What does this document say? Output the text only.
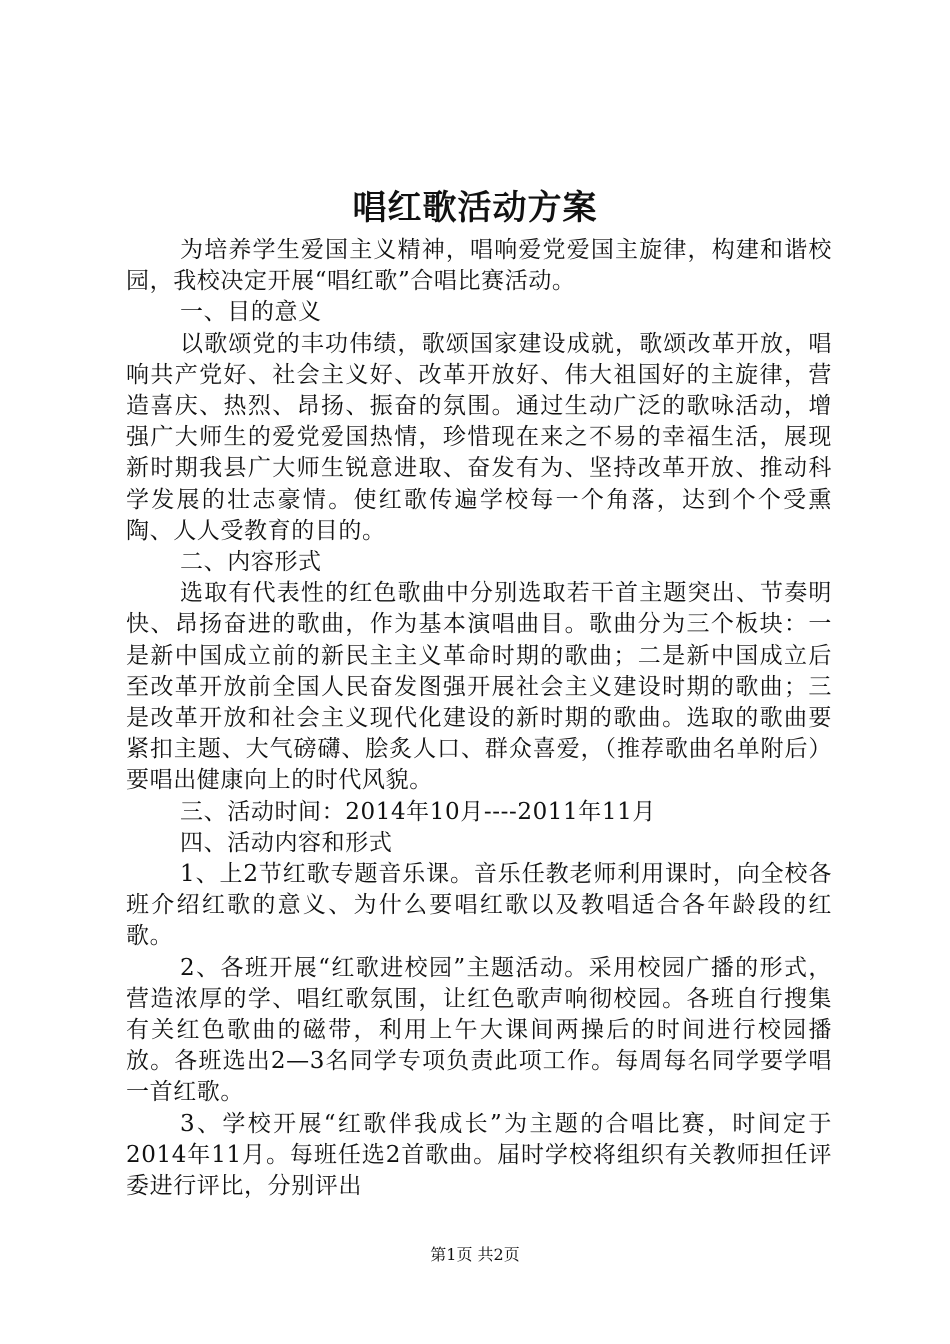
唱红歌活动方案

为培养学生爱国主义精神，唱响爱党爱国主旋律，构建和谐校园，我校决定开展“唱红歌”合唱比赛活动。

一、目的意义

以歌颂党的丰功伟绩，歌颂国家建设成就，歌颂改革开放，唱响共产党好、社会主义好、改革开放好、伟大祖国好的主旋律，营造喜庆、热烈、昂扬、振奋的氛围。通过生动广泛的歌咏活动，增强广大师生的爱党爱国热情，珍惜现在来之不易的幸福生活，展现新时期我县广大师生锐意进取、奋发有为、坚持改革开放、推动科学发展的壮志豪情。使红歌传遍学校每一个角落，达到个个受熏陶、人人受教育的目的。

二、内容形式

选取有代表性的红色歌曲中分别选取若干首主题突出、节奏明快、昂扬奋进的歌曲，作为基本演唱曲目。歌曲分为三个板块：一是新中国成立前的新民主主义革命时期的歌曲；二是新中国成立后至改革开放前全国人民奋发图强开展社会主义建设时期的歌曲；三是改革开放和社会主义现代化建设的新时期的歌曲。选取的歌曲要紧扣主题、大气磅礴、脍炙人口、群众喜爱，（推荐歌曲名单附后）要唱出健康向上的时代风貌。

三、活动时间：2014年10月----2011年11月

四、活动内容和形式

1、上2节红歌专题音乐课。音乐任教老师利用课时，向全校各班介绍红歌的意义、为什么要唱红歌以及教唱适合各年龄段的红歌。

2、各班开展“红歌进校园”主题活动。采用校园广播的形式，营造浓厚的学、唱红歌氛围，让红色歌声响彻校园。各班自行搜集有关红色歌曲的磁带，利用上午大课间两操后的时间进行校园播放。各班选出2—3名同学专项负责此项工作。每周每名同学要学唱一首红歌。

3、学校开展“红歌伴我成长”为主题的合唱比赛，时间定于2014年11月。每班任选2首歌曲。届时学校将组织有关教师担任评委进行评比，分别评出

第1页 共2页
